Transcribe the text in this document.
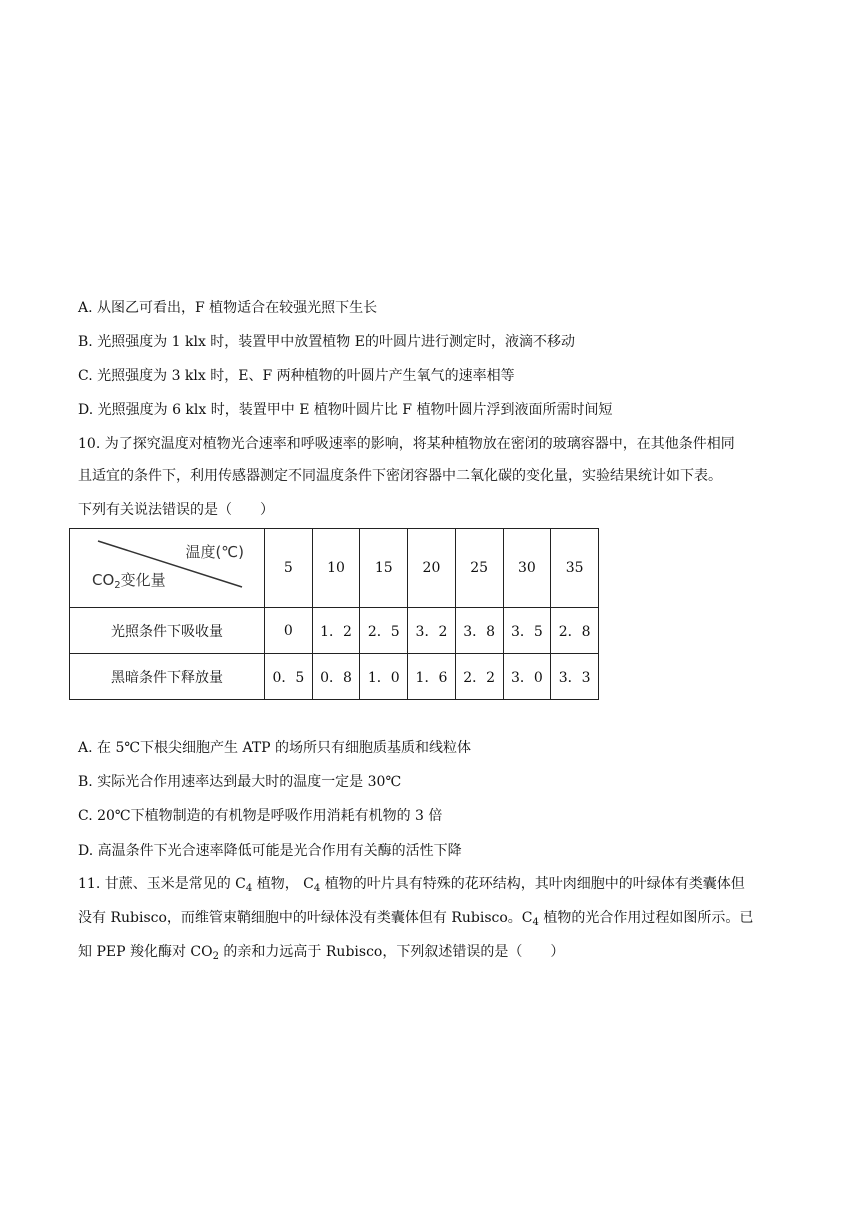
A. 从图乙可看出，F 植物适合在较强光照下生长
B. 光照强度为 1 klx 时，装置甲中放置植物 E的叶圆片进行测定时，液滴不移动
C. 光照强度为 3 klx 时，E、F 两种植物的叶圆片产生氧气的速率相等
D. 光照强度为 6 klx 时，装置甲中 E 植物叶圆片比 F 植物叶圆片浮到液面所需时间短
10. 为了探究温度对植物光合速率和呼吸速率的影响，将某种植物放在密闭的玻璃容器中，在其他条件相同
且适宜的条件下，利用传感器测定不同温度条件下密闭容器中二氧化碳的变化量，实验结果统计如下表。
下列有关说法错误的是（　　）
温度(℃)
$CO_2$变化量	5	10	15	20	25	30	35
光照条件下吸收量	0	1．2	2．5	3．2	3．8	3．5	2．8
黑暗条件下释放量	0．5	0．8	1．0	1．6	2．2	3．0	3．3
A. 在 5℃下根尖细胞产生 ATP 的场所只有细胞质基质和线粒体
B. 实际光合作用速率达到最大时的温度一定是 30℃
C. 20℃下植物制造的有机物是呼吸作用消耗有机物的 3 倍
D. 高温条件下光合速率降低可能是光合作用有关酶的活性下降
11. 甘蔗、玉米是常见的 $C_4$ 植物， $C_4$ 植物的叶片具有特殊的花环结构，其叶肉细胞中的叶绿体有类囊体但
没有 Rubisco，而维管束鞘细胞中的叶绿体没有类囊体但有 Rubisco。$C_4$ 植物的光合作用过程如图所示。已
知 PEP 羧化酶对 $CO_2$ 的亲和力远高于 Rubisco，下列叙述错误的是（　　）
